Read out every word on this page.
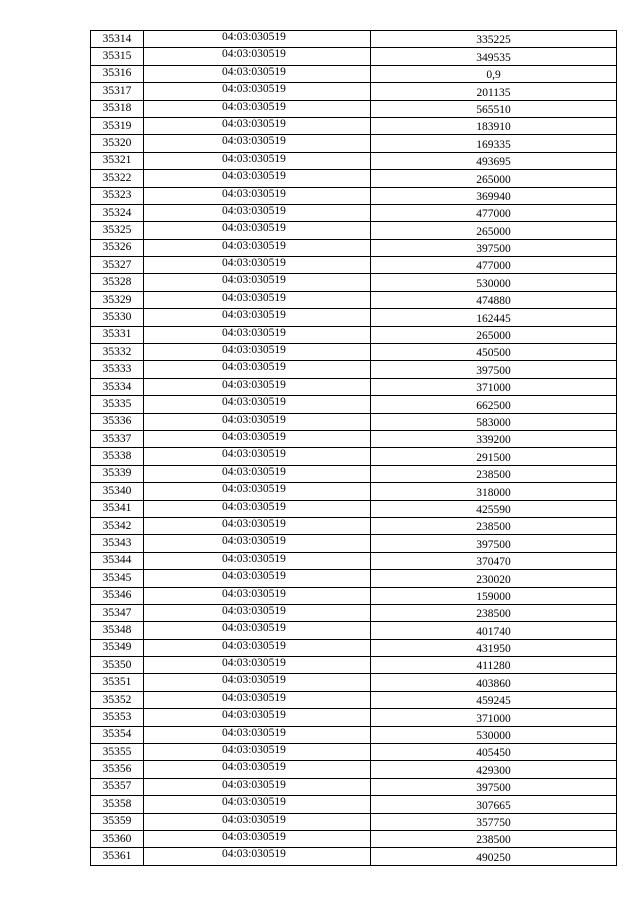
35314	04:03:030519	335225
35315	04:03:030519	349535
35316	04:03:030519	0,9
35317	04:03:030519	201135
35318	04:03:030519	565510
35319	04:03:030519	183910
35320	04:03:030519	169335
35321	04:03:030519	493695
35322	04:03:030519	265000
35323	04:03:030519	369940
35324	04:03:030519	477000
35325	04:03:030519	265000
35326	04:03:030519	397500
35327	04:03:030519	477000
35328	04:03:030519	530000
35329	04:03:030519	474880
35330	04:03:030519	162445
35331	04:03:030519	265000
35332	04:03:030519	450500
35333	04:03:030519	397500
35334	04:03:030519	371000
35335	04:03:030519	662500
35336	04:03:030519	583000
35337	04:03:030519	339200
35338	04:03:030519	291500
35339	04:03:030519	238500
35340	04:03:030519	318000
35341	04:03:030519	425590
35342	04:03:030519	238500
35343	04:03:030519	397500
35344	04:03:030519	370470
35345	04:03:030519	230020
35346	04:03:030519	159000
35347	04:03:030519	238500
35348	04:03:030519	401740
35349	04:03:030519	431950
35350	04:03:030519	411280
35351	04:03:030519	403860
35352	04:03:030519	459245
35353	04:03:030519	371000
35354	04:03:030519	530000
35355	04:03:030519	405450
35356	04:03:030519	429300
35357	04:03:030519	397500
35358	04:03:030519	307665
35359	04:03:030519	357750
35360	04:03:030519	238500
35361	04:03:030519	490250
